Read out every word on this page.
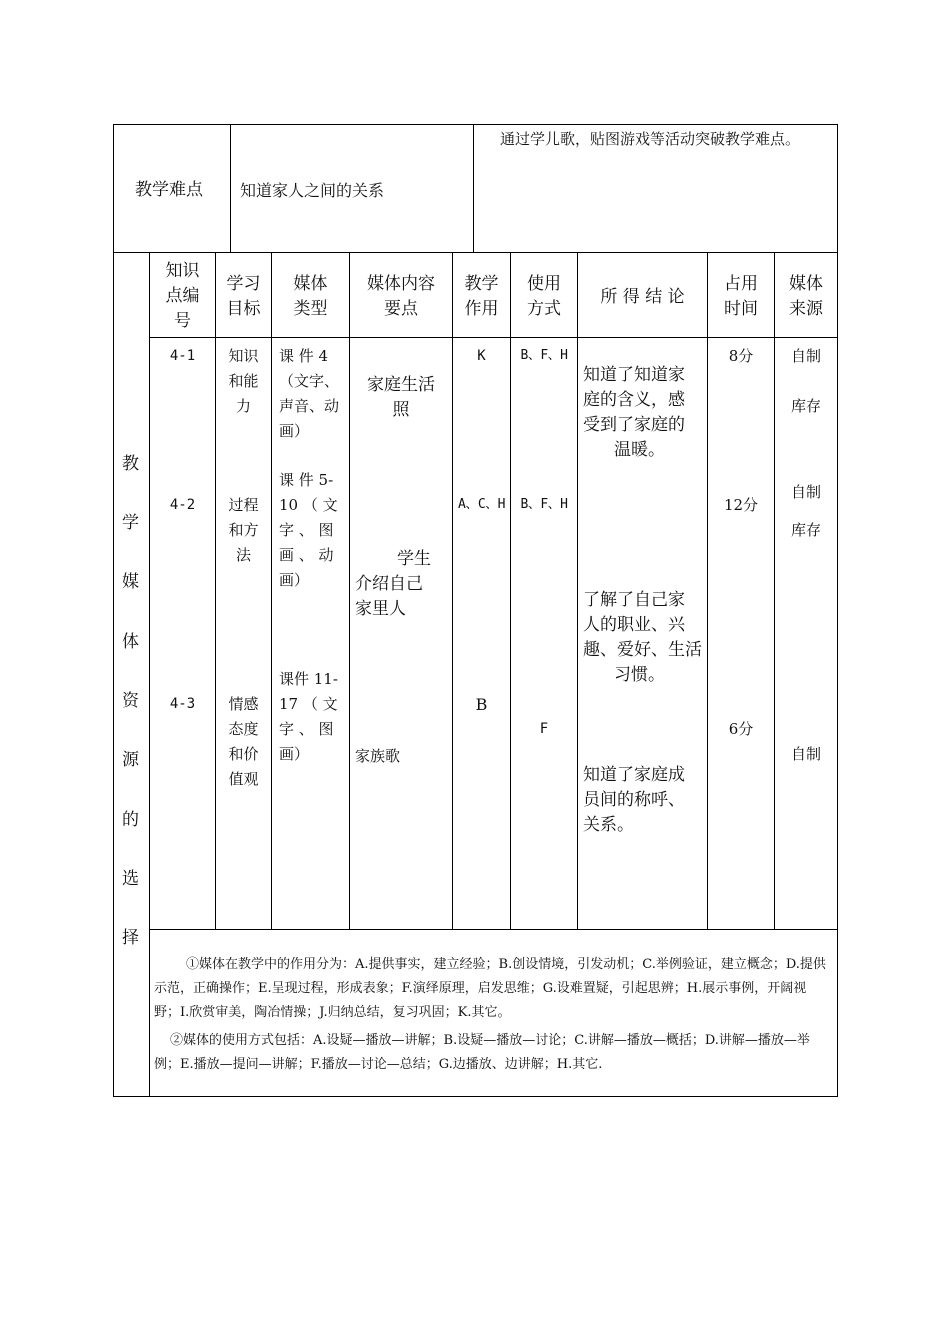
教学难点 知道家人之间的关系
通过学儿歌，贴图游戏等活动突破教学难点。
教
学
媒
体
资
源
的
选
择
知识
点编
号
学习
目标
媒体
类型
媒体内容
要点
教学
作用
使用
方式
所 得 结 论
占用
时间
媒体
来源
4-1
4-2
4-3
知识
和能
力
过程
和方
法
情感
态度
和价
值观
课 件 4
（文字、
声音、动
画）
课 件 5-
10 （ 文
字 、 图
画 、 动
画）
课件 11-
17 （ 文
字 、 图
画）
家庭生活
照
学生
介绍自己
家里人
家族歌
K
A、C、H
B
B、F、H
B、F、H
F
知道了知道家
庭的含义，感
受到了家庭的
温暖。
了解了自己家
人的职业、兴
趣、爱好、生活
习惯。
知道了家庭成
员间的称呼、
关系。
8分
12分
6分
自制
库存
自制
库存
自制

①媒体在教学中的作用分为：A.提供事实，建立经验；B.创设情境，引发动机；C.举例验证，建立概念；D.提供示范，正确操作；E.呈现过程，形成表象；F.演绎原理，启发思维；G.设难置疑，引起思辨；H.展示事例，开阔视野；I.欣赏审美，陶冶情操；J.归纳总结，复习巩固；K.其它。

②媒体的使用方式包括：A.设疑—播放—讲解；B.设疑—播放—讨论；C.讲解—播放—概括；D.讲解—播放—举例；E.播放—提问—讲解；F.播放—讨论—总结；G.边播放、边讲解；H.其它.
